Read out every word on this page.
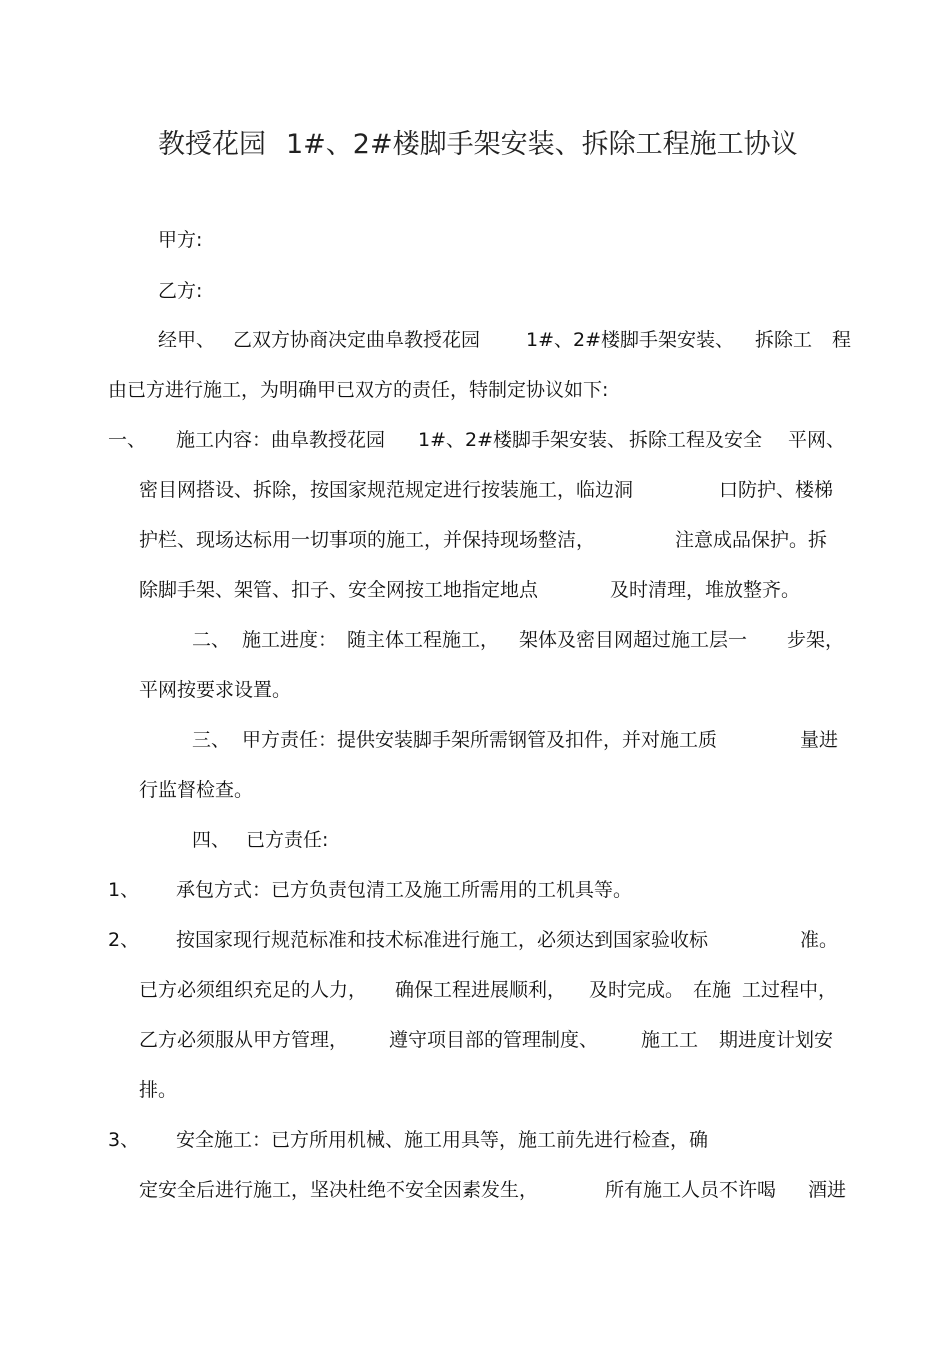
教授花园 1#、2#楼脚手架安装、拆除工程施工协议
甲方:
乙方:
经甲、 乙双方协商决定曲阜教授花园 1#、2#楼脚手架安装、 拆除工 程
由已方进行施工，为明确甲已双方的责任，特制定协议如下:
一、 施工内容：曲阜教授花园 1#、2#楼脚手架安装、 拆除工程及安全 平网、
密目网搭设、拆除，按国家规范规定进行按装施工，临边洞	口防护、楼梯
护栏、现场达标用一切事项的施工，并保持现场整洁，	注意成品保护。拆
除脚手架、架管、扣子、安全网按工地指定地点	及时清理，堆放整齐。
二、 施工进度： 随主体工程施工， 架体及密目网超过施工层一 步架，
平网按要求设置。
三、 甲方责任：提供安装脚手架所需钢管及扣件，并对施工质	量进
行监督检查。
四、 已方责任:
1、 承包方式：已方负责包清工及施工所需用的工机具等。
2、 按国家现行规范标准和技术标准进行施工，必须达到国家验收标	准。
已方必须组织充足的人力， 确保工程进展顺利， 及时完成。 在施 工过程中，
乙方必须服从甲方管理， 遵守项目部的管理制度、 施工工 期进度计划安
排。
3、 安全施工：已方所用机械、施工用具等，施工前先进行检查，确
定安全后进行施工，坚决杜绝不安全因素发生，	所有施工人员不许喝 酒进
